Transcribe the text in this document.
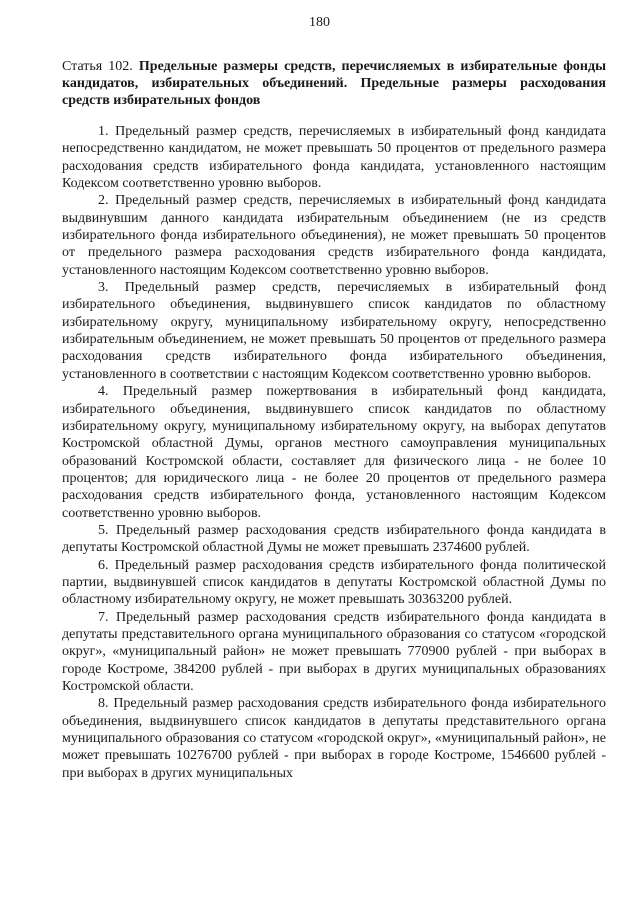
180

Статья 102. Предельные размеры средств, перечисляемых в избирательные фонды кандидатов, избирательных объединений. Предельные размеры расходования средств избирательных фондов

1. Предельный размер средств, перечисляемых в избирательный фонд кандидата непосредственно кандидатом, не может превышать 50 процентов от предельного размера расходования средств избирательного фонда кандидата, установленного настоящим Кодексом соответственно уровню выборов.

2. Предельный размер средств, перечисляемых в избирательный фонд кандидата выдвинувшим данного кандидата избирательным объединением (не из средств избирательного фонда избирательного объединения), не может превышать 50 процентов от предельного размера расходования средств избирательного фонда кандидата, установленного настоящим Кодексом соответственно уровню выборов.

3. Предельный размер средств, перечисляемых в избирательный фонд избирательного объединения, выдвинувшего список кандидатов по областному избирательному округу, муниципальному избирательному округу, непосредственно избирательным объединением, не может превышать 50 процентов от предельного размера расходования средств избирательного фонда избирательного объединения, установленного в соответствии с настоящим Кодексом соответственно уровню выборов.

4. Предельный размер пожертвования в избирательный фонд кандидата, избирательного объединения, выдвинувшего список кандидатов по областному избирательному округу, муниципальному избирательному округу, на выборах депутатов Костромской областной Думы, органов местного самоуправления муниципальных образований Костромской области, составляет для физического лица - не более 10 процентов; для юридического лица - не более 20 процентов от предельного размера расходования средств избирательного фонда, установленного настоящим Кодексом соответственно уровню выборов.

5. Предельный размер расходования средств избирательного фонда кандидата в депутаты Костромской областной Думы не может превышать 2374600 рублей.

6. Предельный размер расходования средств избирательного фонда политической партии, выдвинувшей список кандидатов в депутаты Костромской областной Думы по областному избирательному округу, не может превышать 30363200 рублей.

7. Предельный размер расходования средств избирательного фонда кандидата в депутаты представительного органа муниципального образования со статусом «городской округ», «муниципальный район» не может превышать 770900 рублей - при выборах в городе Костроме, 384200 рублей - при выборах в других муниципальных образованиях Костромской области.

8. Предельный размер расходования средств избирательного фонда избирательного объединения, выдвинувшего список кандидатов в депутаты представительного органа муниципального образования со статусом «городской округ», «муниципальный район», не может превышать 10276700 рублей - при выборах в городе Костроме, 1546600 рублей - при выборах в других муниципальных
